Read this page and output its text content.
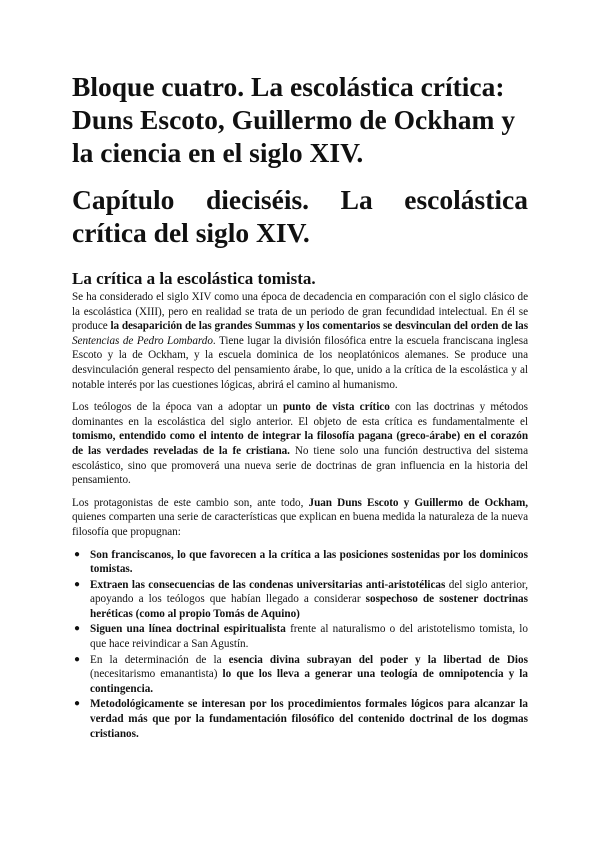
Bloque cuatro. La escolástica crítica: Duns Escoto, Guillermo de Ockham y la ciencia en el siglo XIV.
Capítulo dieciséis. La escolástica crítica del siglo XIV.
La crítica a la escolástica tomista.

Se ha considerado el siglo XIV como una época de decadencia en comparación con el siglo clásico de la escolástica (XIII), pero en realidad se trata de un periodo de gran fecundidad intelectual. En él se produce la desaparición de las grandes Summas y los comentarios se desvinculan del orden de las Sentencias de Pedro Lombardo. Tiene lugar la división filosófica entre la escuela franciscana inglesa Escoto y la de Ockham, y la escuela dominica de los neoplatónicos alemanes. Se produce una desvinculación general respecto del pensamiento árabe, lo que, unido a la crítica de la escolástica y al notable interés por las cuestiones lógicas, abrirá el camino al humanismo.

Los teólogos de la época van a adoptar un punto de vista crítico con las doctrinas y métodos dominantes en la escolástica del siglo anterior. El objeto de esta crítica es fundamentalmente el tomismo, entendido como el intento de integrar la filosofía pagana (greco-árabe) en el corazón de las verdades reveladas de la fe cristiana. No tiene solo una función destructiva del sistema escolástico, sino que promoverá una nueva serie de doctrinas de gran influencia en la historia del pensamiento.

Los protagonistas de este cambio son, ante todo, Juan Duns Escoto y Guillermo de Ockham, quienes comparten una serie de características que explican en buena medida la naturaleza de la nueva filosofía que propugnan:

● Son franciscanos, lo que favorecen a la crítica a las posiciones sostenidas por los dominicos tomistas.
● Extraen las consecuencias de las condenas universitarias anti-aristotélicas del siglo anterior, apoyando a los teólogos que habían llegado a considerar sospechoso de sostener doctrinas heréticas (como al propio Tomás de Aquino)
● Siguen una línea doctrinal espiritualista frente al naturalismo o del aristotelismo tomista, lo que hace reivindicar a San Agustín.
● En la determinación de la esencia divina subrayan del poder y la libertad de Dios (necesitarismo emanantista) lo que los lleva a generar una teología de omnipotencia y la contingencia.
● Metodológicamente se interesan por los procedimientos formales lógicos para alcanzar la verdad más que por la fundamentación filosófico del contenido doctrinal de los dogmas cristianos.
